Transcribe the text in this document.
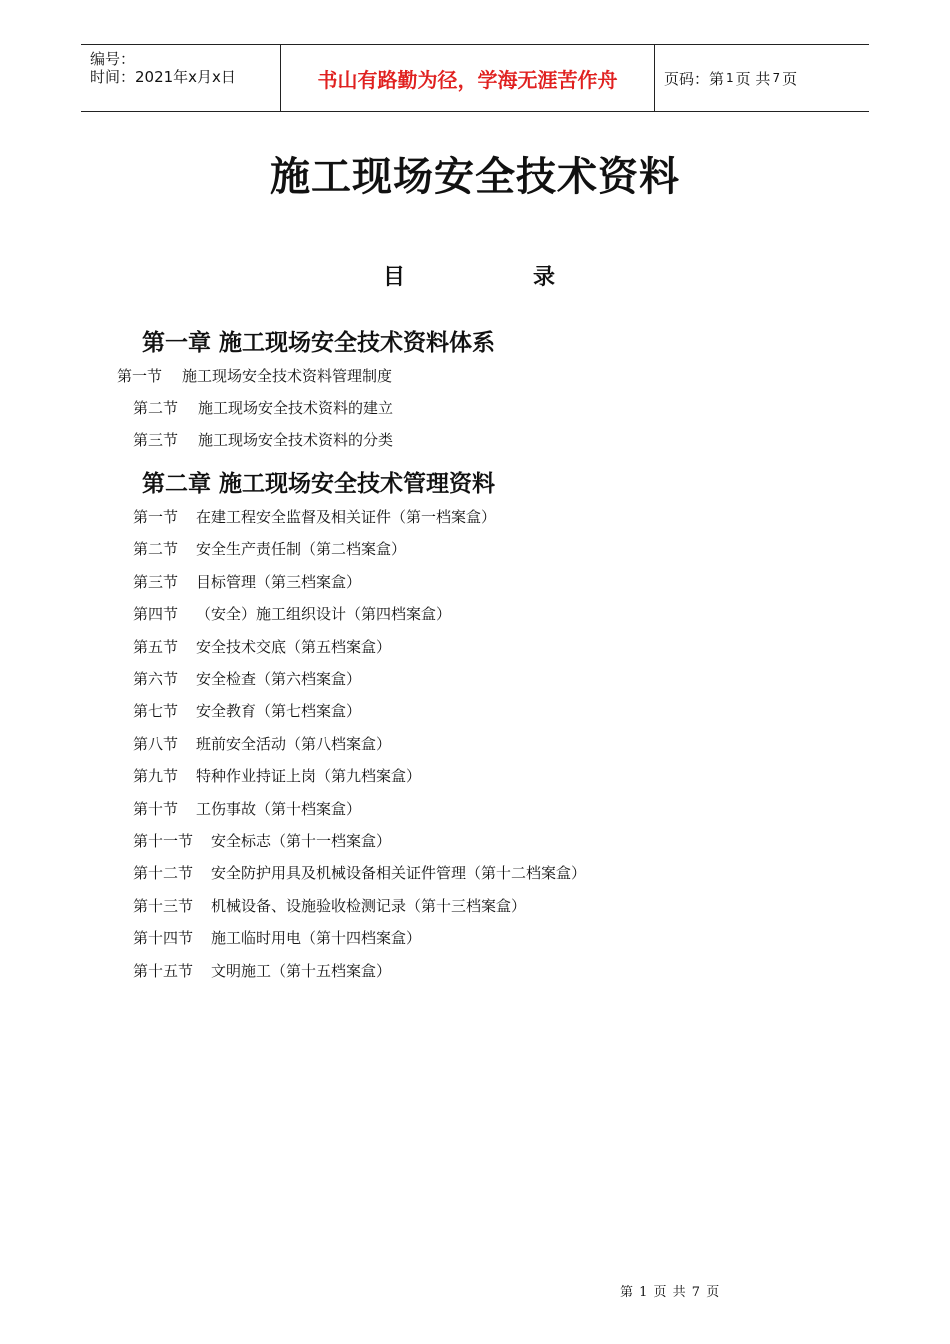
编号：
时间：2021年x月x日	书山有路勤为径，学海无涯苦作舟	页码：第 1 页 共 7 页
施工现场安全技术资料
目	录
第一章 施工现场安全技术资料体系
第一节 施工现场安全技术资料管理制度
第二节 施工现场安全技术资料的建立
第三节 施工现场安全技术资料的分类
第二章 施工现场安全技术管理资料
第一节 在建工程安全监督及相关证件（第一档案盒）
第二节 安全生产责任制（第二档案盒）
第三节 目标管理（第三档案盒）
第四节 （安全）施工组织设计（第四档案盒）
第五节 安全技术交底（第五档案盒）
第六节 安全检查（第六档案盒）
第七节 安全教育（第七档案盒）
第八节 班前安全活动（第八档案盒）
第九节 特种作业持证上岗（第九档案盒）
第十节 工伤事故（第十档案盒）
第十一节 安全标志（第十一档案盒）
第十二节 安全防护用具及机械设备相关证件管理（第十二档案盒）
第十三节 机械设备、设施验收检测记录（第十三档案盒）
第十四节 施工临时用电（第十四档案盒）
第十五节 文明施工（第十五档案盒）
第 1 页 共 7 页
